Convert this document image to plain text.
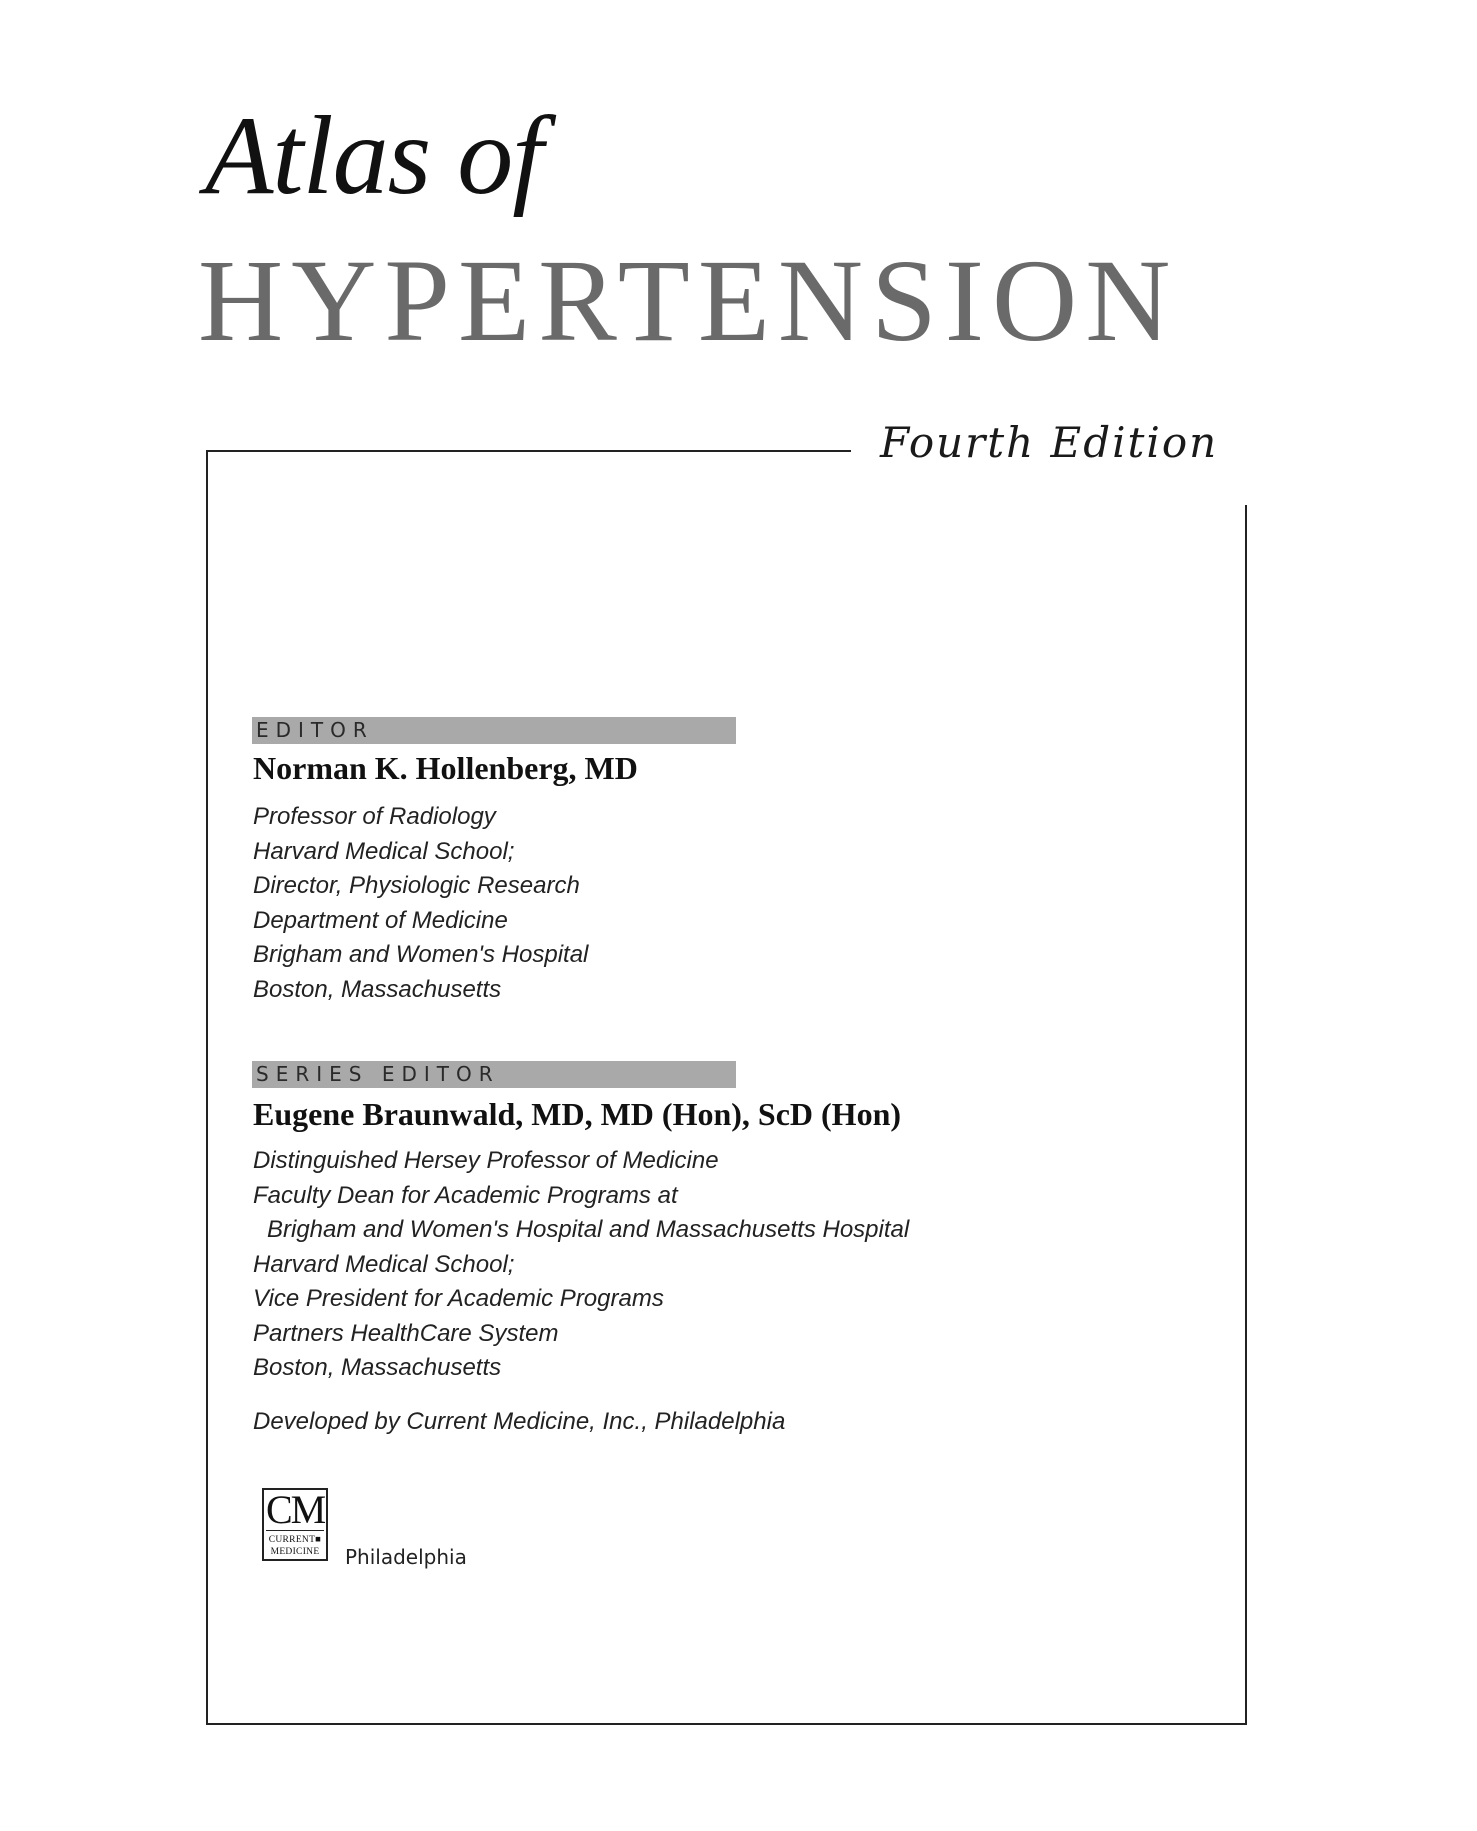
Atlas of
HYPERTENSION
Fourth Edition
EDITOR
Norman K. Hollenberg, MD
Professor of Radiology
Harvard Medical School;
Director, Physiologic Research
Department of Medicine
Brigham and Women's Hospital
Boston, Massachusetts
SERIES EDITOR
Eugene Braunwald, MD, MD (Hon), ScD (Hon)
Distinguished Hersey Professor of Medicine
Faculty Dean for Academic Programs at
Brigham and Women's Hospital and Massachusetts Hospital
Harvard Medical School;
Vice President for Academic Programs
Partners HealthCare System
Boston, Massachusetts
Developed by Current Medicine, Inc., Philadelphia
CM
CURRENT■
MEDICINE	Philadelphia
